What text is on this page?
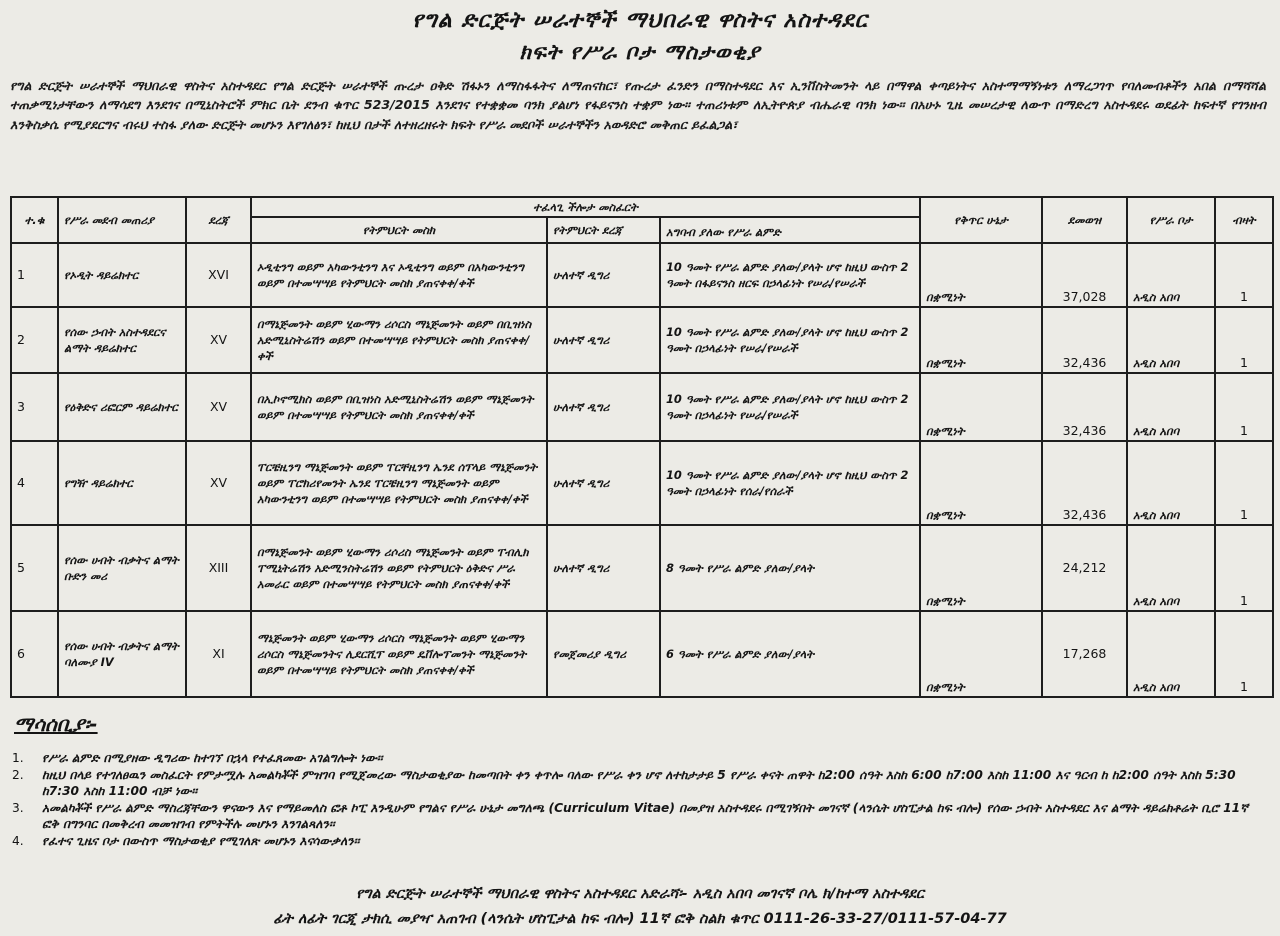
የግል ድርጅት ሠራተኞች ማህበራዊ ዋስትና አስተዳደር
ክፍት የሥራ ቦታ ማስታወቂያ
የግል ድርጅት ሠራተኞች ማህበራዊ ዋስትና አስተዳደር የግል ድርጅት ሠራተኞች ጡረታ ዐቅድ ሽፋኑን ለማስፋፋትና ለማጠናከር፣ የጡረታ ፈንድን በማስተዳደር እና ኢንቨስትመንት ላይ በማዋል ቀጣይነትና አስተማማኝነቱን ለማረጋገጥ የባለመብቶችን አበል በማሻሻል ተጠቃሚነታቸውን ለማሳደግ እንደገና በሚኒስትሮች ምክር ቤት ደንብ ቁጥር 523/2015 እንደገና የተቋቋመ ባንክ ያልሆነ የፋይናንስ ተቋም ነው፡፡ ተጠሪነቱም ለኢትዮጵያ ብሔራዊ ባንክ ነው፡፡ በአሁኑ ጊዜ መሠረታዊ ለውጥ በማድረግ አስተዳደሩ ወደፊት ከፍተኛ የገንዘብ እንቅስቃሴ የሚያደርግና ብሩህ ተስፋ ያለው ድርጅት መሆኑን እየገለፅን፣ ከዚህ በታች ለተዘረዘሩት ክፍት የሥራ መደቦች ሠራተኞችን አወዳድሮ መቅጠር ይፈልጋል፣
ተ.ቁ	የሥራ መደብ መጠሪያ	ደረጃ	ተፈላጊ ችሎታ መስፈርት			የቅጥር ሁኔታ	ደመወዝ	የሥራ ቦታ	ብዛት
			የትምህርት መስክ	የትምህርት ደረጃ					
					አግባብ ያለው የሥራ ልምድ				
1	የኦዲት ዳይሬክተር	XVI	ኦዲቲንግ ወይም አካውንቲንግ እና ኦዲቲንግ ወይም በአካውንቲንግ ወይም በተመሣሣይ የትምህርት መስክ ያጠናቀቀ/ቀች	ሁለተኛ ዲግሪ	10 ዓመት የሥራ ልምድ ያለው/ያላት ሆኖ ከዚህ ውስጥ 2 ዓመት በፋይናንስ ዘርፍ በኃላፊነት የሠራ/የሠራች	በቋሚነት	37,028	አዲስ አበባ	1
2	የሰው ኃብት አስተዳደርና ልማት ዳይሬክተር	XV	በማኔጅመንት ወይም ሂውማን ሪሶርስ ማኔጅመንት ወይም በቢዝነስ አድሚኒስትሬሽን ወይም በተመሣሣይ የትምህርት መስክ ያጠናቀቀ/ቀች	ሁለተኛ ዲግሪ	10 ዓመት የሥራ ልምድ ያለው/ያላት ሆኖ ከዚህ ውስጥ 2 ዓመት በኃላፊነት የሠራ/የሠራች	በቋሚነት	32,436	አዲስ አበባ	1
3	የዕቅድና ሪፎርም ዳይሬክተር	XV	በኢኮኖሚክስ ወይም በቢዝነስ አድሚኒስትሬሽን ወይም ማኔጅመንት ወይም በተመሣሣይ የትምህርት መስክ ያጠናቀቀ/ቀች	ሁለተኛ ዲግሪ	10 ዓመት የሥራ ልምድ ያለው/ያላት ሆኖ ከዚህ ውስጥ 2 ዓመት በኃላፊነት የሠራ/የሠራች	በቋሚነት	32,436	አዲስ አበባ	1
4	የግዥ ዳይሬክተር	XV	ፐርቼዚንግ ማኔጅመንት ወይም ፐርቸዚንግ ኤንደ ሰፕላይ ማኔጅመንት ወይም ፐሮክሪየመንት ኤንደ ፐርቼዚንግ ማኔጅመንት ወይም አካውንቲንግ ወይም በተመሣሣይ የትምህርት መስክ ያጠናቀቀ/ቀች	ሁለተኛ ዲግሪ	10 ዓመት የሥራ ልምድ ያለው/ያላት ሆኖ ከዚህ ውስጥ 2 ዓመት በኃላፊነት የሰራ/የሰራች	በቋሚነት	32,436	አዲስ አበባ	1
5	የሰው ሀብት ብቃትና ልማት ቡድን መሪ	XIII	በማኔጅመንት ወይም ሂውማን ሪሶሪስ ማኔጅመንት ወይም ፐብሊክ ፐሚኒትሬሽን አድሚንስትሬሽን ወይም የትምህርት ዕቅድና ሥራ አመራር ወይም በተመሣሣይ የትምህርት መስክ ያጠናቀቀ/ቀች	ሁለተኛ ዲግሪ	8 ዓመት የሥራ ልምድ ያለው/ያላት	በቋሚነት	24,212	አዲስ አበባ	1
6	የሰው ሀብት ብቃትና ልማት ባለሙያ IV	XI	ማኔጅመንት ወይም ሂውማን ሪሶርስ ማኔጅመንት ወይም ሂውማን ሪሶርስ ማኔጅመንትና ሊደርሺፕ ወይም ዴቨሎፕመንት ማኔጅመንት ወይም በተመሣሣይ የትምህርት መስክ ያጠናቀቀ/ቀች	የመጀመሪያ ዲግሪ	6 ዓመት የሥራ ልምድ ያለው/ያላት	በቋሚነት	17,268	አዲስ አበባ	1
ማሳሰቢያ፡-
1.	የሥራ ልምድ በሚያዘው ዲግሪው ከተገኘ በኋላ የተፈጸመው አገልግሎት ነው፡፡
2.	ከዚህ በላይ የተገለፀዉን መስፈርት የምታሟሉ አመልካቾች ምዝገባ የሚጀመረው ማስታወቂያው ከመጣበት ቀን ቀጥሎ ባለው የሥራ ቀን ሆኖ ለተከታታይ 5 የሥራ ቀናት ጠዋት ከ2:00 ሰዓት እስከ 6:00 ከ7:00 እስከ 11:00 እና ዓርብ ከ ከ2:00 ሰዓት እስከ 5:30 ከ7:30 እስከ 11:00 ብቻ ነው፡፡
3.	አመልካቾች የሥራ ልምድ ማስረጃቸውን ዋናውን እና የማይመለስ ፎቶ ኮፒ እንዲሁም የግልና የሥራ ሁኔታ መግለጫ (Curriculum Vitae) በመያዝ አስተዳደሩ በሚገኝበት መገናኛ (ላንሴት ሆስፒታል ከፍ ብሎ) የሰው ኃብት አስተዳደር እና ልማት ዳይሬክቶሬት ቢሮ 11ኛ ፎቅ በግንባር በመቅረብ መመዝገብ የምትችሉ መሆኑን እንገልጻለን፡፡
4.	የፈተና ጊዜና ቦታ በውስጥ ማስታወቂያ የሚገለጽ መሆኑን እናሳውቃለን፡፡
የግል ድርጅት ሠራተኞች ማህበራዊ ዋስትና አስተዳደር አድራሻ፡- አዲስ አበባ መገናኛ ቦሌ ክ/ከተማ አስተዳደር
ፊት ለፊት ገርጂ ታክሲ መያዣ አጠገብ (ላንሴት ሆስፒታል ከፍ ብሎ) 11ኛ ፎቅ ስልክ ቁጥር 0111-26-33-27/0111-57-04-77
